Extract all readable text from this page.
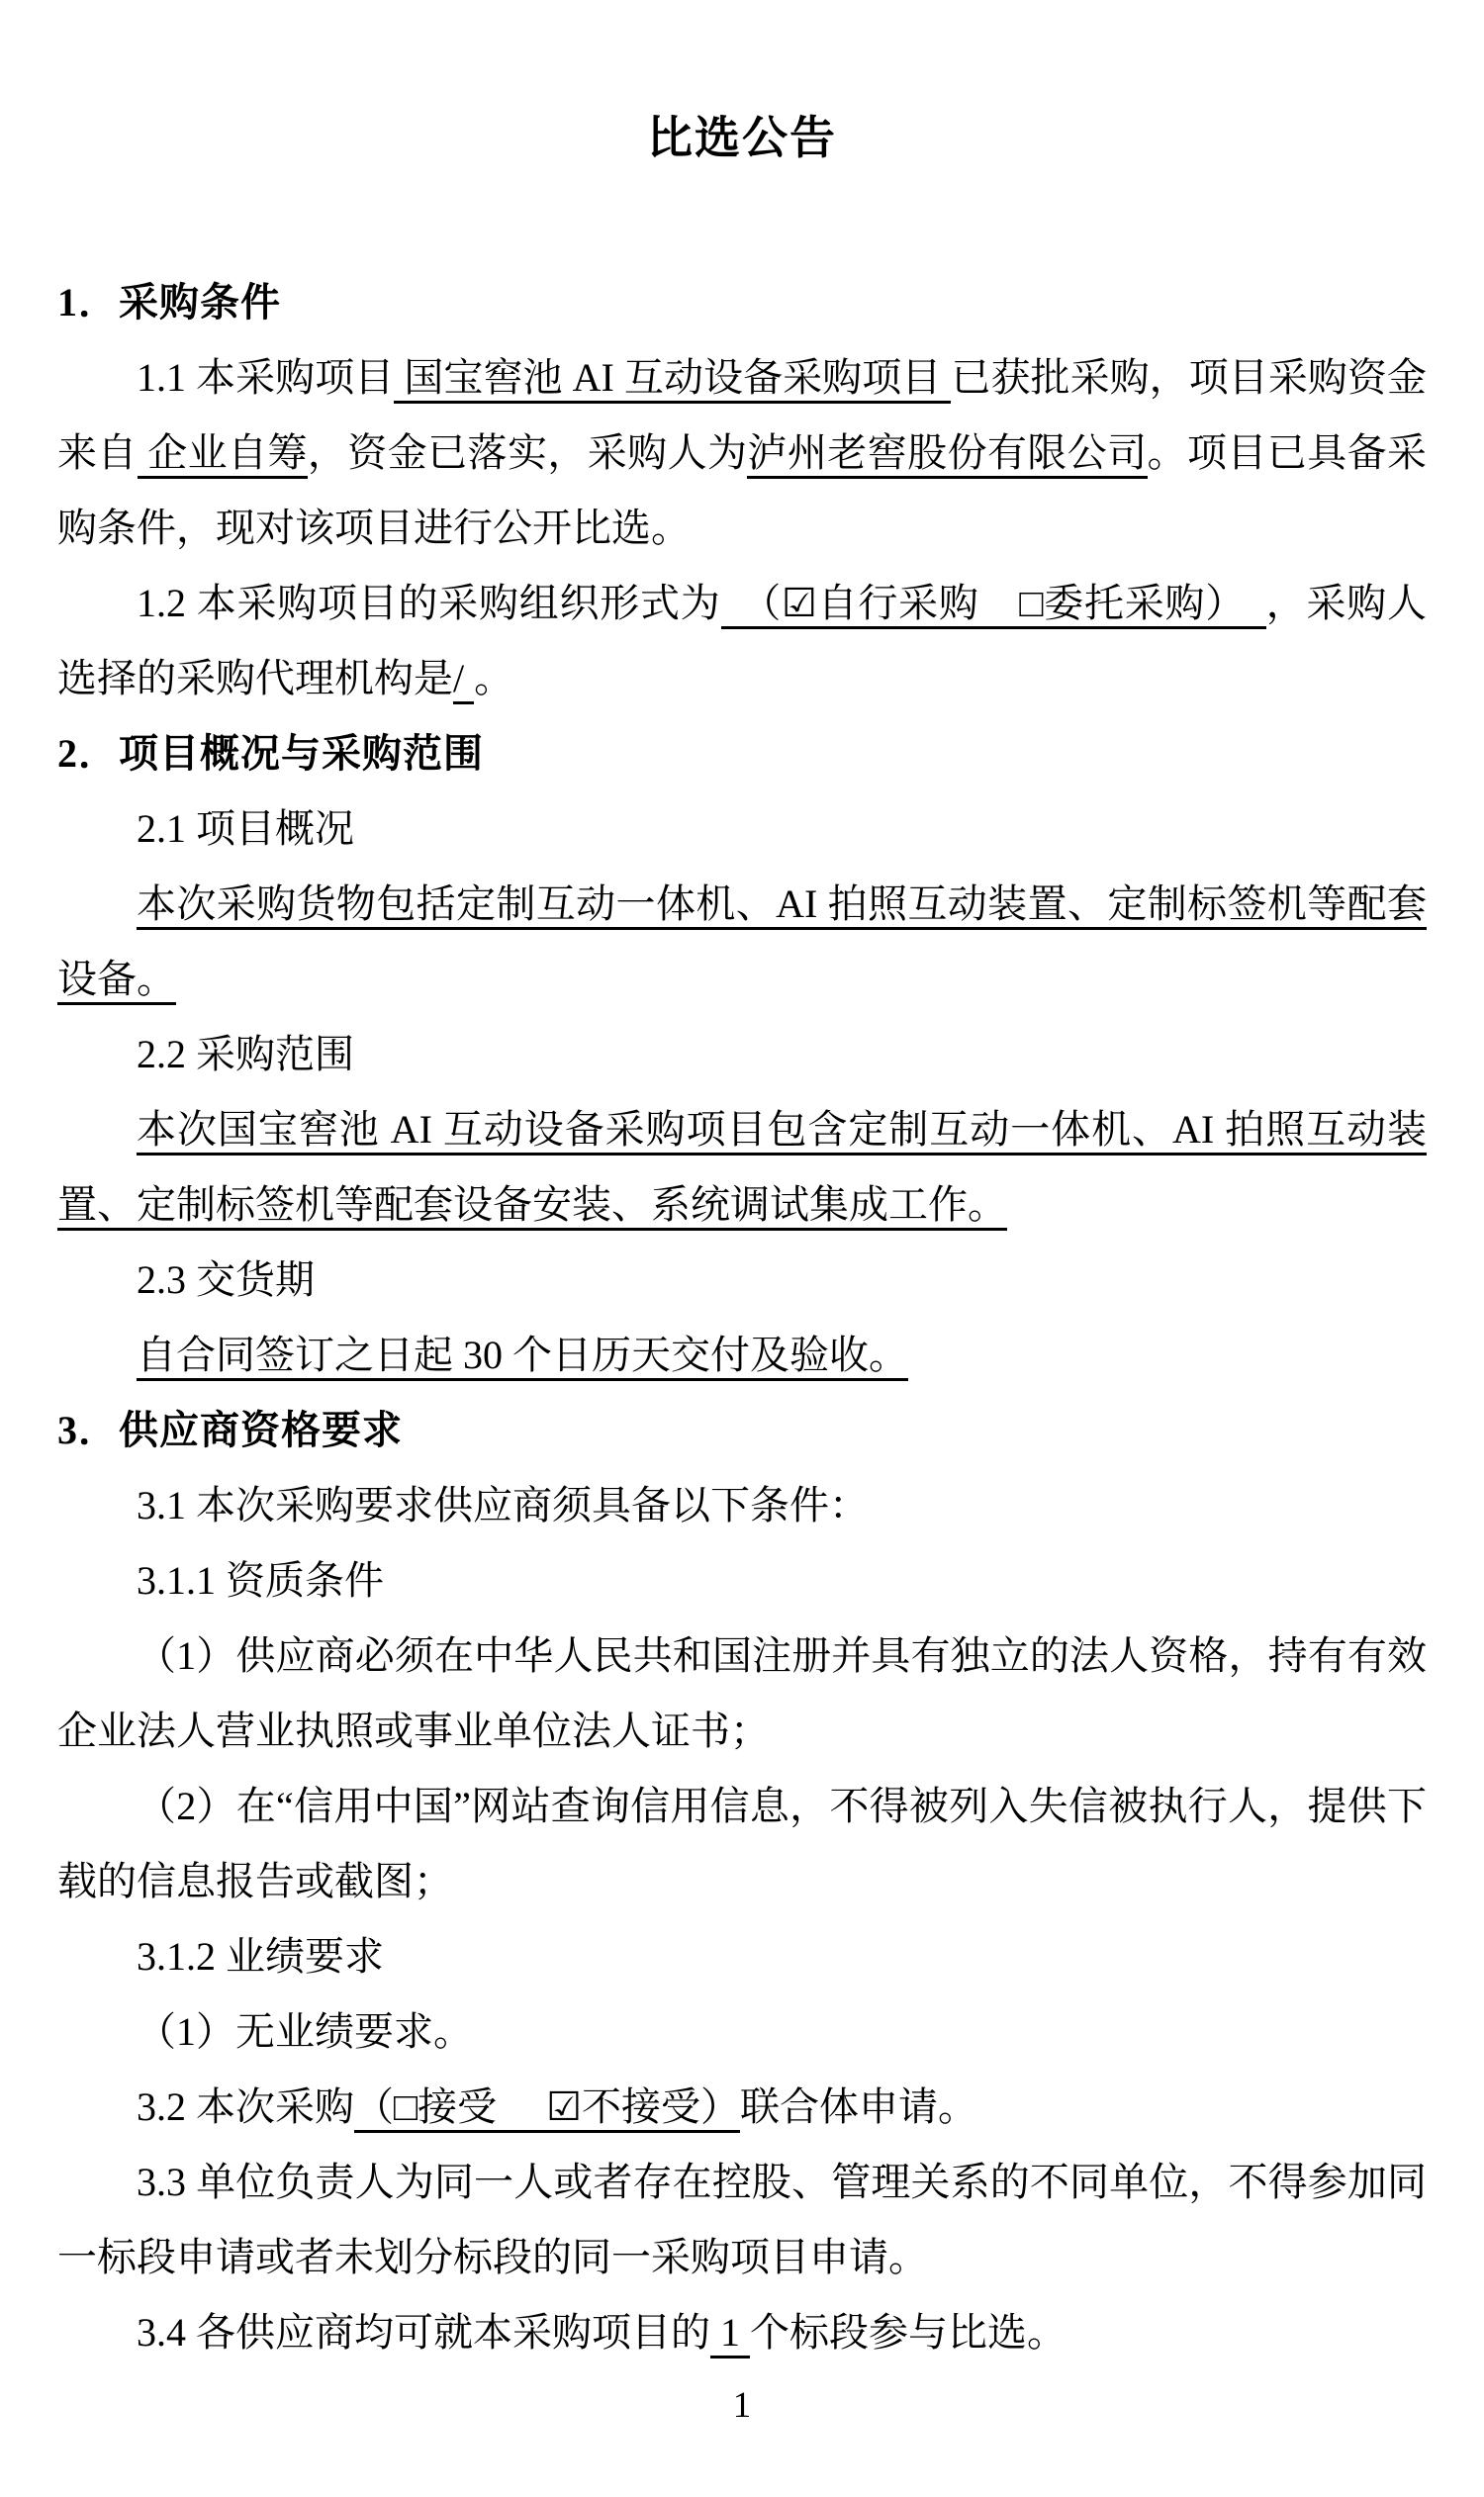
比选公告

1．采购条件

1.1 本采购项目 国宝窖池 AI 互动设备采购项目 已获批采购，项目采购资金来自 企业自筹，资金已落实，采购人为泸州老窖股份有限公司。项目已具备采购条件，现对该项目进行公开比选。

1.2 本采购项目的采购组织形式为　（☑自行采购　□委托采购）　，采购人选择的采购代理机构是/ 。

2．项目概况与采购范围

2.1 项目概况

本次采购货物包括定制互动一体机、AI 拍照互动装置、定制标签机等配套设备。

2.2 采购范围

本次国宝窖池 AI 互动设备采购项目包含定制互动一体机、AI 拍照互动装置、定制标签机等配套设备安装、系统调试集成工作。

2.3 交货期

自合同签订之日起 30 个日历天交付及验收。

3．供应商资格要求

3.1 本次采购要求供应商须具备以下条件：

3.1.1 资质条件

（1）供应商必须在中华人民共和国注册并具有独立的法人资格，持有有效企业法人营业执照或事业单位法人证书；

（2）在“信用中国”网站查询信用信息，不得被列入失信被执行人，提供下载的信息报告或截图；

3.1.2 业绩要求

（1）无业绩要求。

3.2 本次采购（□接受　 ☑不接受）联合体申请。

3.3 单位负责人为同一人或者存在控股、管理关系的不同单位，不得参加同一标段申请或者未划分标段的同一采购项目申请。

3.4 各供应商均可就本采购项目的 1 个标段参与比选。

1
